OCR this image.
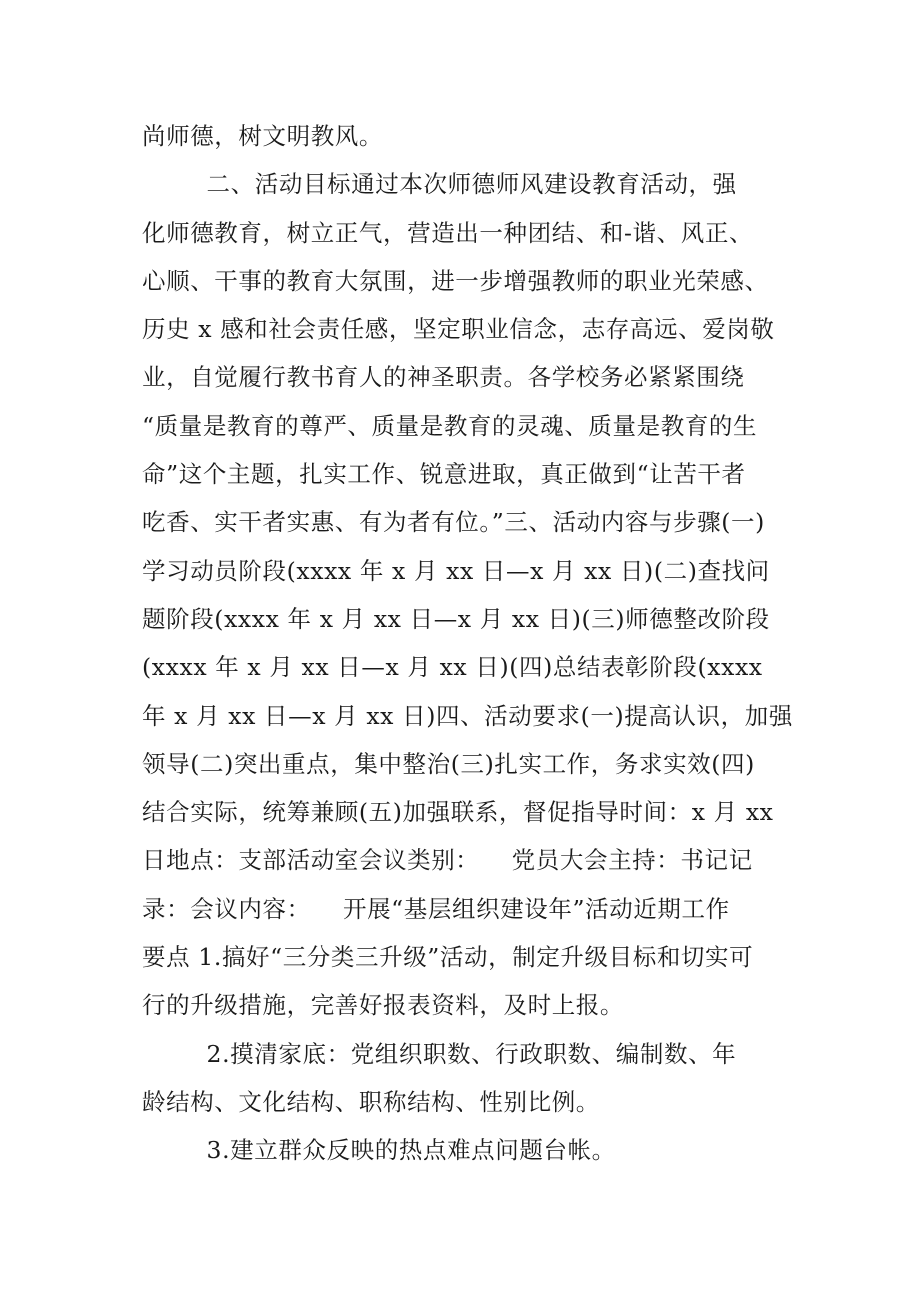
尚师德，树文明教风。
二、活动目标通过本次师德师风建设教育活动，强
化师德教育，树立正气，营造出一种团结、和-谐、风正、
心顺、干事的教育大氛围，进一步增强教师的职业光荣感、
历史 x 感和社会责任感，坚定职业信念，志存高远、爱岗敬
业，自觉履行教书育人的神圣职责。各学校务必紧紧围绕
“质量是教育的尊严、质量是教育的灵魂、质量是教育的生
命”这个主题，扎实工作、锐意进取，真正做到“让苦干者
吃香、实干者实惠、有为者有位。”三、活动内容与步骤(一)
学习动员阶段(xxxx 年 x 月 xx 日—x 月 xx 日)(二)查找问
题阶段(xxxx 年 x 月 xx 日—x 月 xx 日)(三)师德整改阶段
(xxxx 年 x 月 xx 日—x 月 xx 日)(四)总结表彰阶段(xxxx
年 x 月 xx 日—x 月 xx 日)四、活动要求(一)提高认识，加强
领导(二)突出重点，集中整治(三)扎实工作，务求实效(四)
结合实际，统筹兼顾(五)加强联系，督促指导时间：x 月 xx
日地点：支部活动室会议类别：    党员大会主持：书记记
录：会议内容：    开展“基层组织建设年”活动近期工作
要点 1.搞好“三分类三升级”活动，制定升级目标和切实可
行的升级措施，完善好报表资料，及时上报。
2.摸清家底：党组织职数、行政职数、编制数、年
龄结构、文化结构、职称结构、性别比例。
3.建立群众反映的热点难点问题台帐。
